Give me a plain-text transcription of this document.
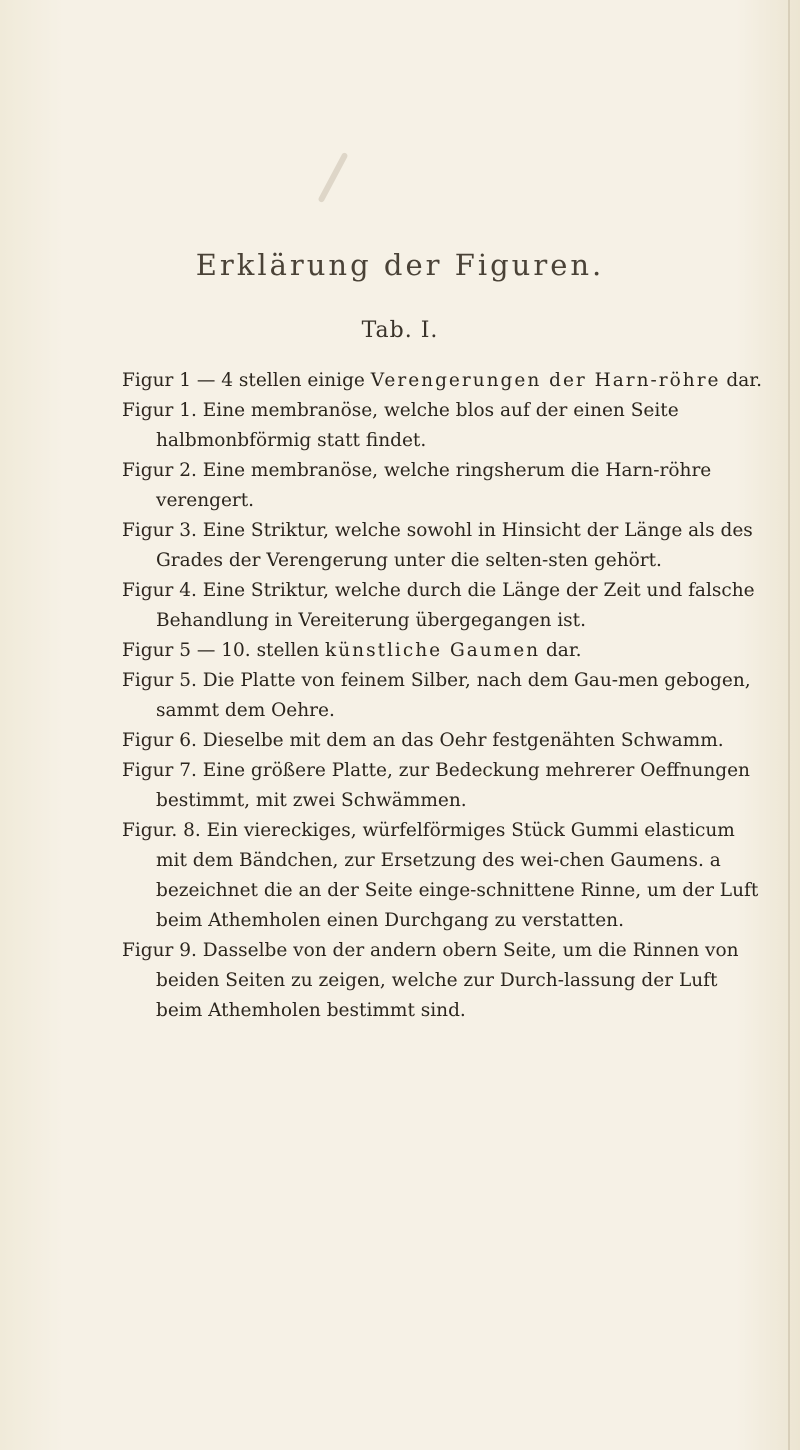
Erklärung der Figuren.
Tab. I.

Figur 1 — 4 stellen einige Verengerungen der Harn-röhre dar.

Figur 1. Eine membranöse, welche blos auf der einen Seite halbmonbförmig statt findet.

Figur 2. Eine membranöse, welche ringsherum die Harn-röhre verengert.

Figur 3. Eine Striktur, welche sowohl in Hinsicht der Länge als des Grades der Verengerung unter die selten-sten gehört.

Figur 4. Eine Striktur, welche durch die Länge der Zeit und falsche Behandlung in Vereiterung übergegangen ist.

Figur 5 — 10. stellen künstliche Gaumen dar.

Figur 5. Die Platte von feinem Silber, nach dem Gau-men gebogen, sammt dem Oehre.

Figur 6. Dieselbe mit dem an das Oehr festgenähten Schwamm.

Figur 7. Eine größere Platte, zur Bedeckung mehrerer Oeffnungen bestimmt, mit zwei Schwämmen.

Figur. 8. Ein viereckiges, würfelförmiges Stück Gummi elasticum mit dem Bändchen, zur Ersetzung des wei-chen Gaumens. a bezeichnet die an der Seite einge-schnittene Rinne, um der Luft beim Athemholen einen Durchgang zu verstatten.

Figur 9. Dasselbe von der andern obern Seite, um die Rinnen von beiden Seiten zu zeigen, welche zur Durch-lassung der Luft beim Athemholen bestimmt sind.
